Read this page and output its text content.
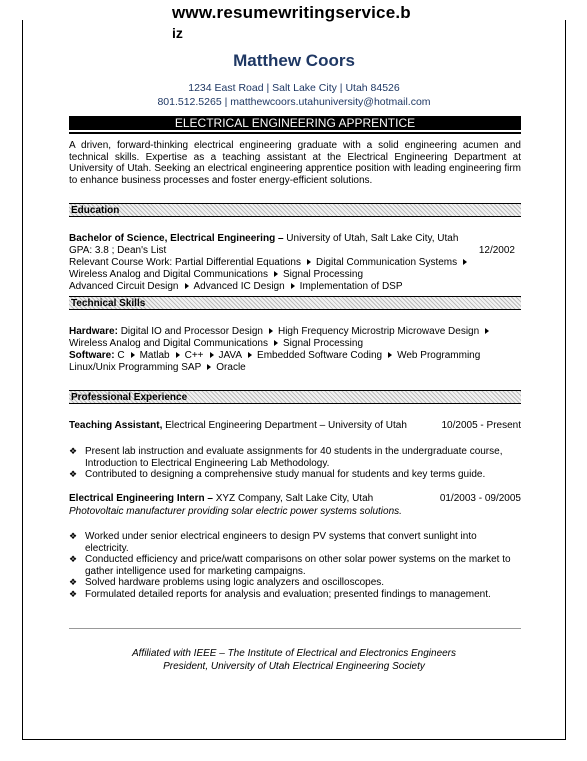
www.resumewritingservice.b
iz
Matthew Coors
1234 East Road | Salt Lake City | Utah 84526
801.512.5265 | matthewcoors.utahuniversity@hotmail.com
ELECTRICAL ENGINEERING APPRENTICE
A driven, forward-thinking electrical engineering graduate with a solid engineering acumen and technical skills. Expertise as a teaching assistant at the Electrical Engineering Department at University of Utah. Seeking an electrical engineering apprentice position with leading engineering firm to enhance business processes and foster energy-efficient solutions.
Education
Bachelor of Science, Electrical Engineering – University of Utah, Salt Lake City, Utah
GPA: 3.8 ; Dean's List	12/2002
Relevant Course Work: Partial Differential Equations Digital Communication Systems
Wireless Analog and Digital Communications Signal Processing
Advanced Circuit Design Advanced IC Design Implementation of DSP
Technical Skills
Hardware: Digital IO and Processor Design High Frequency Microstrip Microwave Design
Wireless Analog and Digital Communications Signal Processing
Software: C Matlab C++ JAVA Embedded Software Coding Web Programming
Linux/Unix Programming SAP Oracle
Professional Experience
Teaching Assistant, Electrical Engineering Department – University of Utah	10/2005 - Present
❖ Present lab instruction and evaluate assignments for 40 students in the undergraduate course, Introduction to Electrical Engineering Lab Methodology.
❖ Contributed to designing a comprehensive study manual for students and key terms guide.
Electrical Engineering Intern – XYZ Company, Salt Lake City, Utah	01/2003 - 09/2005
Photovoltaic manufacturer providing solar electric power systems solutions.
❖ Worked under senior electrical engineers to design PV systems that convert sunlight into electricity.
❖ Conducted efficiency and price/watt comparisons on other solar power systems on the market to gather intelligence used for marketing campaigns.
❖ Solved hardware problems using logic analyzers and oscilloscopes.
❖ Formulated detailed reports for analysis and evaluation; presented findings to management.
Affiliated with IEEE – The Institute of Electrical and Electronics Engineers
President, University of Utah Electrical Engineering Society
